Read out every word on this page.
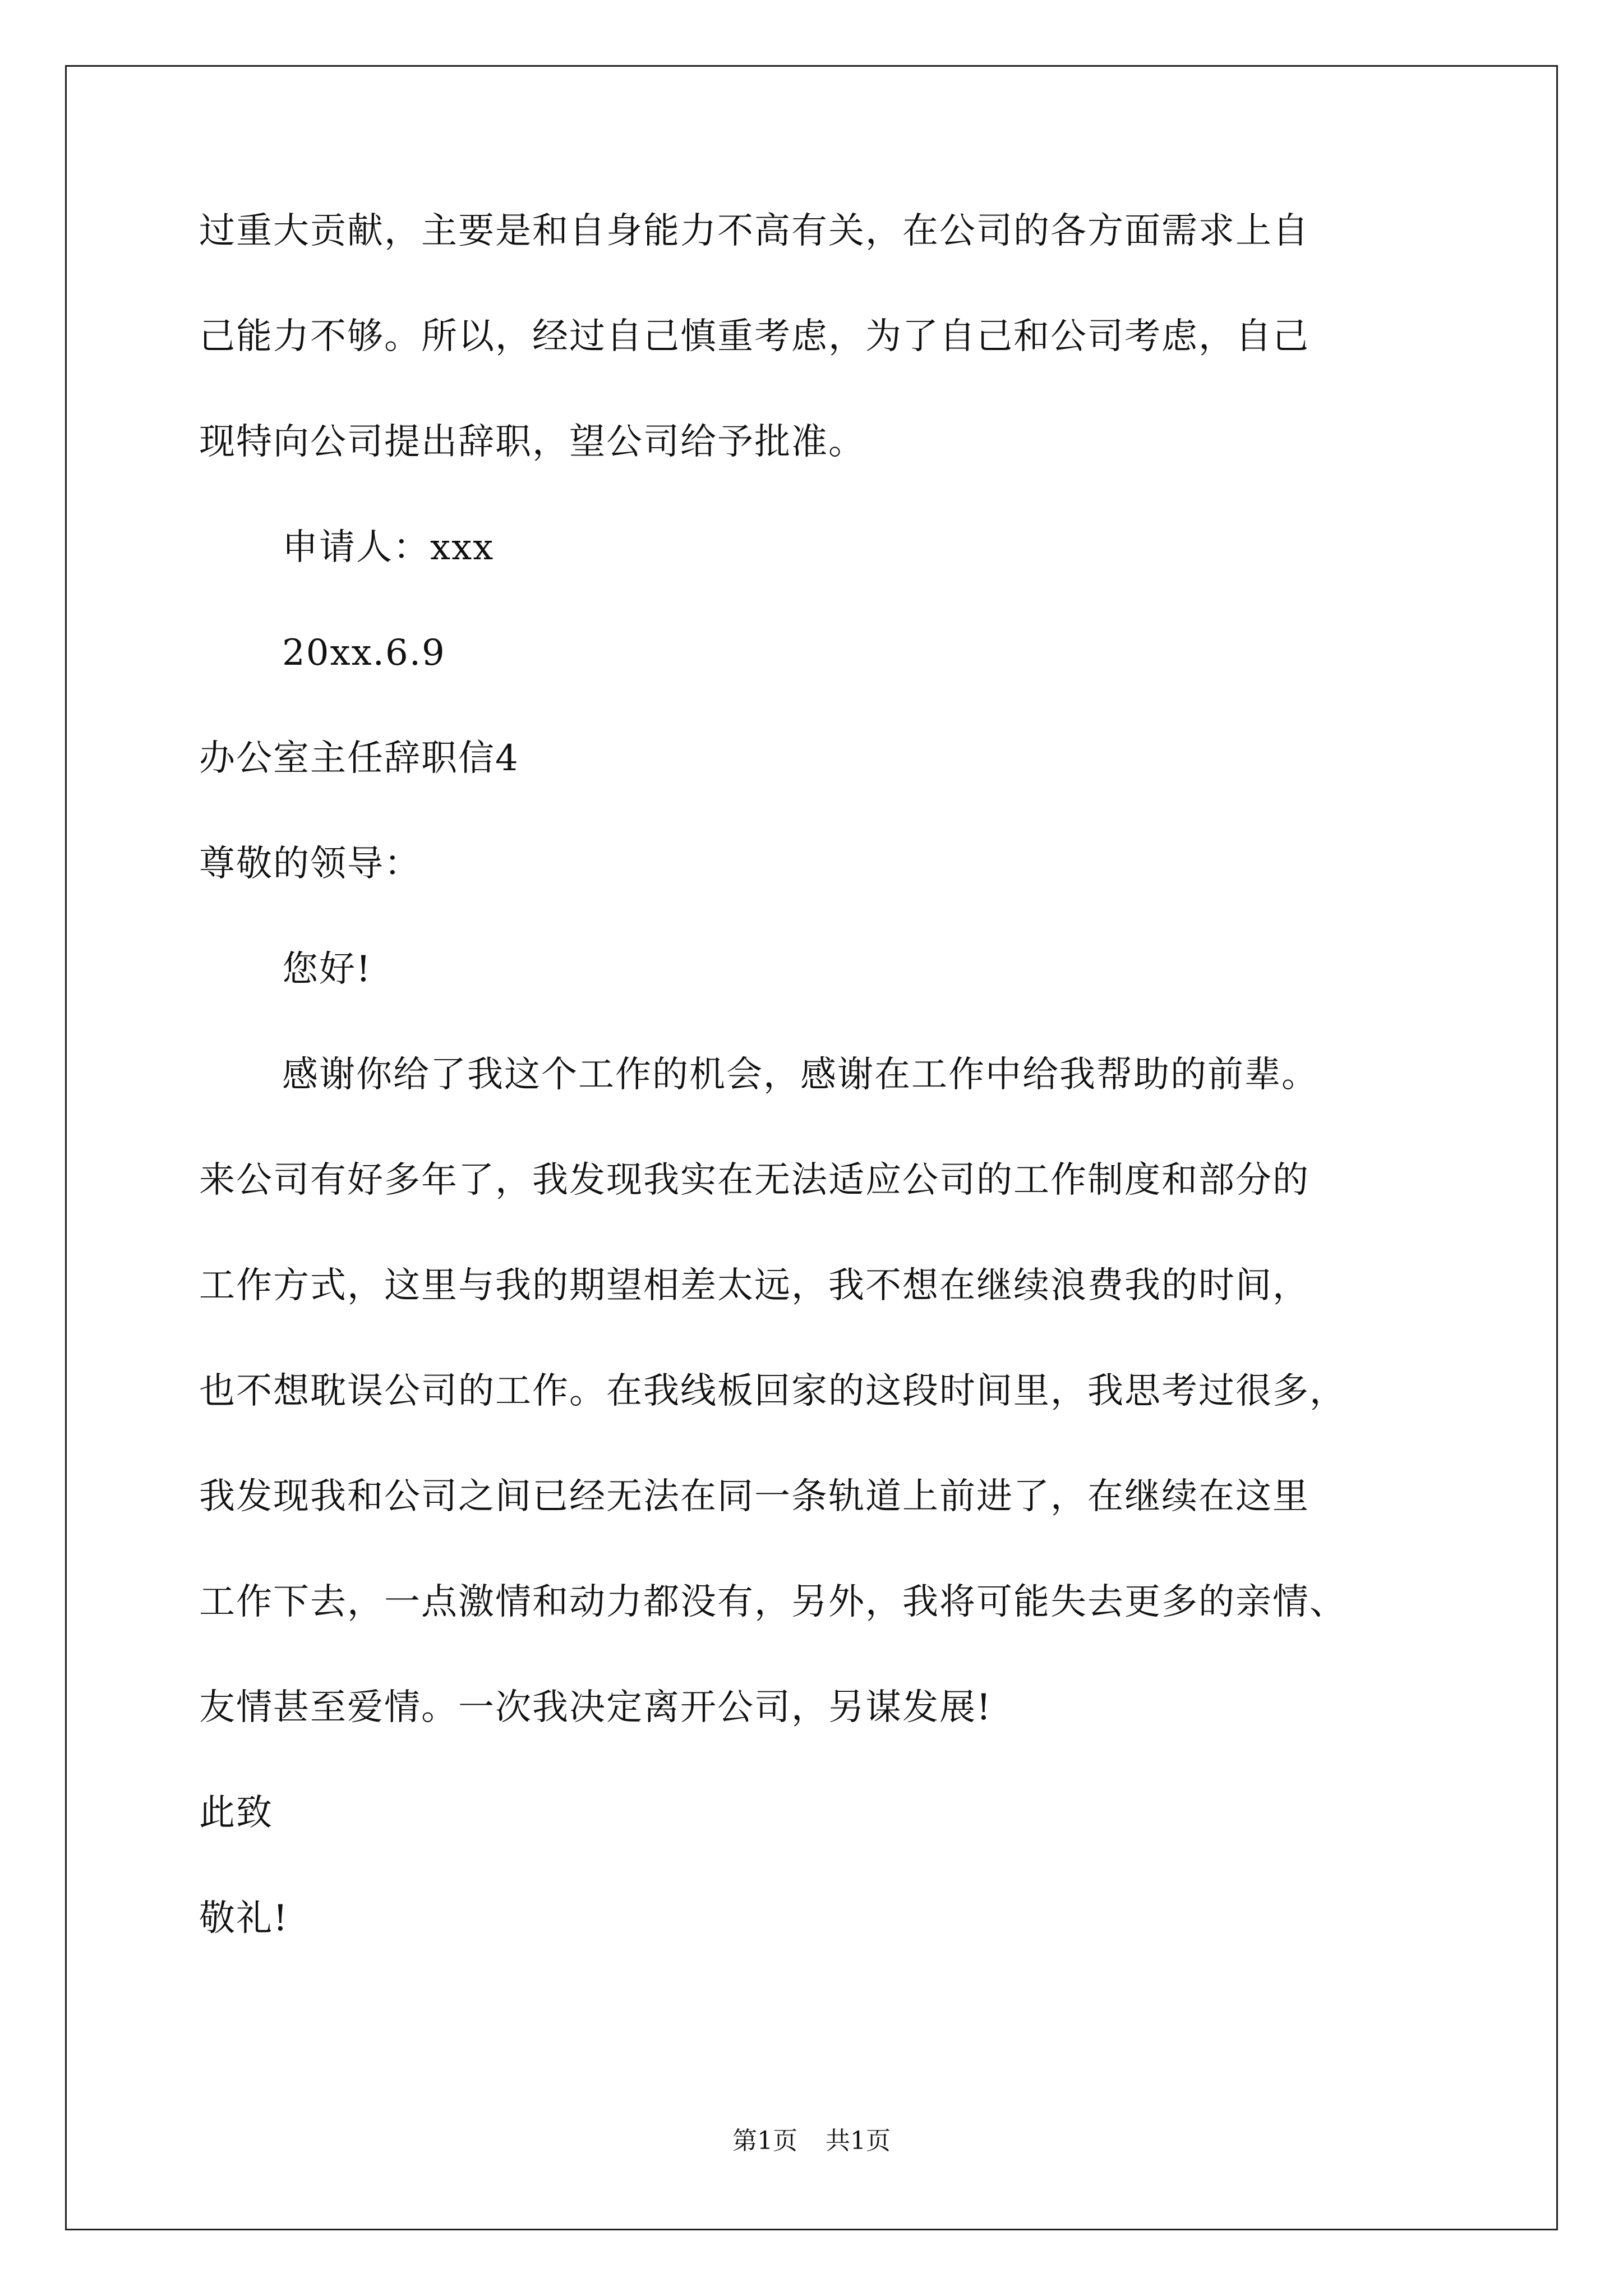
过重大贡献，主要是和自身能力不高有关，在公司的各方面需求上自
己能力不够。所以，经过自己慎重考虑，为了自己和公司考虑，自己
现特向公司提出辞职，望公司给予批准。
申请人：xxx
20xx.6.9
办公室主任辞职信4
尊敬的领导：
您好!
感谢你给了我这个工作的机会，感谢在工作中给我帮助的前辈。
来公司有好多年了，我发现我实在无法适应公司的工作制度和部分的
工作方式，这里与我的期望相差太远，我不想在继续浪费我的时间，
也不想耽误公司的工作。在我线板回家的这段时间里，我思考过很多，
我发现我和公司之间已经无法在同一条轨道上前进了，在继续在这里
工作下去，一点激情和动力都没有，另外，我将可能失去更多的亲情、
友情甚至爱情。一次我决定离开公司，另谋发展!
此致
敬礼!
第1页 共1页
